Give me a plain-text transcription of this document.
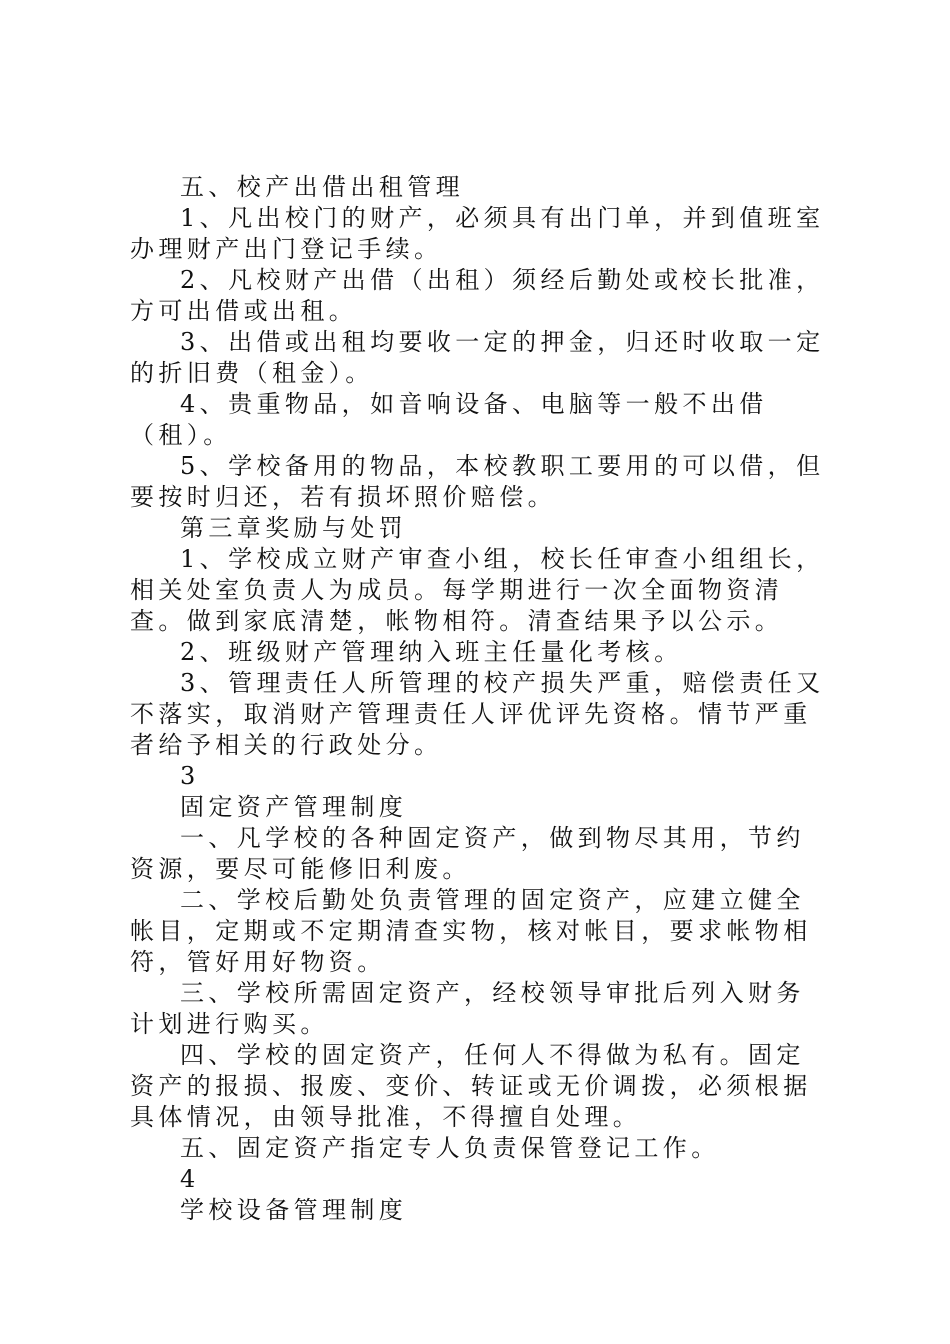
五、校产出借出租管理

1、凡出校门的财产，必须具有出门单，并到值班室办理财产出门登记手续。

2、凡校财产出借（出租）须经后勤处或校长批准，方可出借或出租。

3、出借或出租均要收一定的押金，归还时收取一定的折旧费（租金）。

4、贵重物品，如音响设备、电脑等一般不出借（租）。

5、学校备用的物品，本校教职工要用的可以借，但要按时归还，若有损坏照价赔偿。

第三章奖励与处罚

1、学校成立财产审查小组，校长任审查小组组长，相关处室负责人为成员。每学期进行一次全面物资清查。做到家底清楚，帐物相符。清查结果予以公示。

2、班级财产管理纳入班主任量化考核。

3、管理责任人所管理的校产损失严重，赔偿责任又不落实，取消财产管理责任人评优评先资格。情节严重者给予相关的行政处分。

3

固定资产管理制度

一、凡学校的各种固定资产，做到物尽其用，节约资源，要尽可能修旧利废。

二、学校后勤处负责管理的固定资产，应建立健全帐目，定期或不定期清查实物，核对帐目，要求帐物相符，管好用好物资。

三、学校所需固定资产，经校领导审批后列入财务计划进行购买。

四、学校的固定资产，任何人不得做为私有。固定资产的报损、报废、变价、转证或无价调拨，必须根据具体情况，由领导批准，不得擅自处理。

五、固定资产指定专人负责保管登记工作。

4

学校设备管理制度
